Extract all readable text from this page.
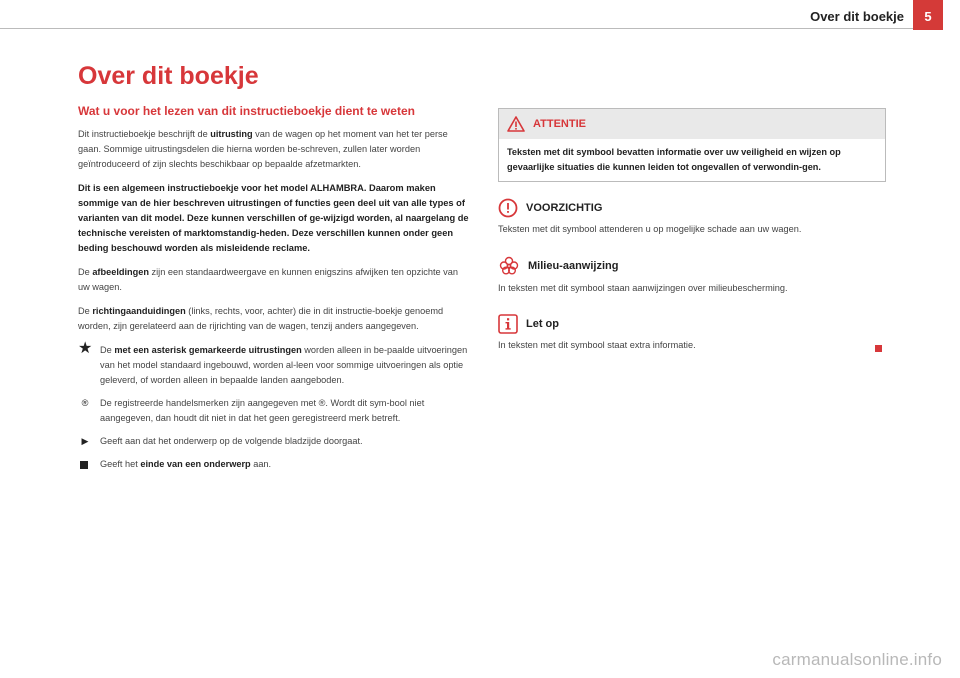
Over dit boekje	5
Over dit boekje
Wat u voor het lezen van dit instructieboekje dient te weten

Dit instructieboekje beschrijft de uitrusting van de wagen op het moment van het ter perse gaan. Sommige uitrustingsdelen die hierna worden be-schreven, zullen later worden geïntroduceerd of zijn slechts beschikbaar op bepaalde afzetmarkten.

Dit is een algemeen instructieboekje voor het model ALHAMBRA. Daarom maken sommige van de hier beschreven uitrustingen of functies geen deel uit van alle types of varianten van dit model. Deze kunnen verschillen of ge-wijzigd worden, al naargelang de technische vereisten of marktomstandig-heden. Deze verschillen kunnen onder geen beding beschouwd worden als misleidende reclame.

De afbeeldingen zijn een standaardweergave en kunnen enigszins afwijken ten opzichte van uw wagen.

De richtingaanduidingen (links, rechts, voor, achter) die in dit instructie-boekje genoemd worden, zijn gerelateerd aan de rijrichting van de wagen, tenzij anders aangegeven.

★ De met een asterisk gemarkeerde uitrustingen worden alleen in be-paalde uitvoeringen van het model standaard ingebouwd, worden al-leen voor sommige uitvoeringen als optie geleverd, of worden alleen in bepaalde landen aangeboden.
®	De registreerde handelsmerken zijn aangegeven met ®. Wordt dit sym-bool niet aangegeven, dan houdt dit niet in dat het geen geregistreerd merk betreft.
▶	Geeft aan dat het onderwerp op de volgende bladzijde doorgaat.
Geeft het einde van een onderwerp aan.
ATTENTIE
Teksten met dit symbool bevatten informatie over uw veiligheid en wijzen op gevaarlijke situaties die kunnen leiden tot ongevallen of verwondin-gen.
VOORZICHTIG
Teksten met dit symbool attenderen u op mogelijke schade aan uw wagen.
Milieu-aanwijzing
In teksten met dit symbool staan aanwijzingen over milieubescherming.
Let op
In teksten met dit symbool staat extra informatie.
carmanualsonline.info
